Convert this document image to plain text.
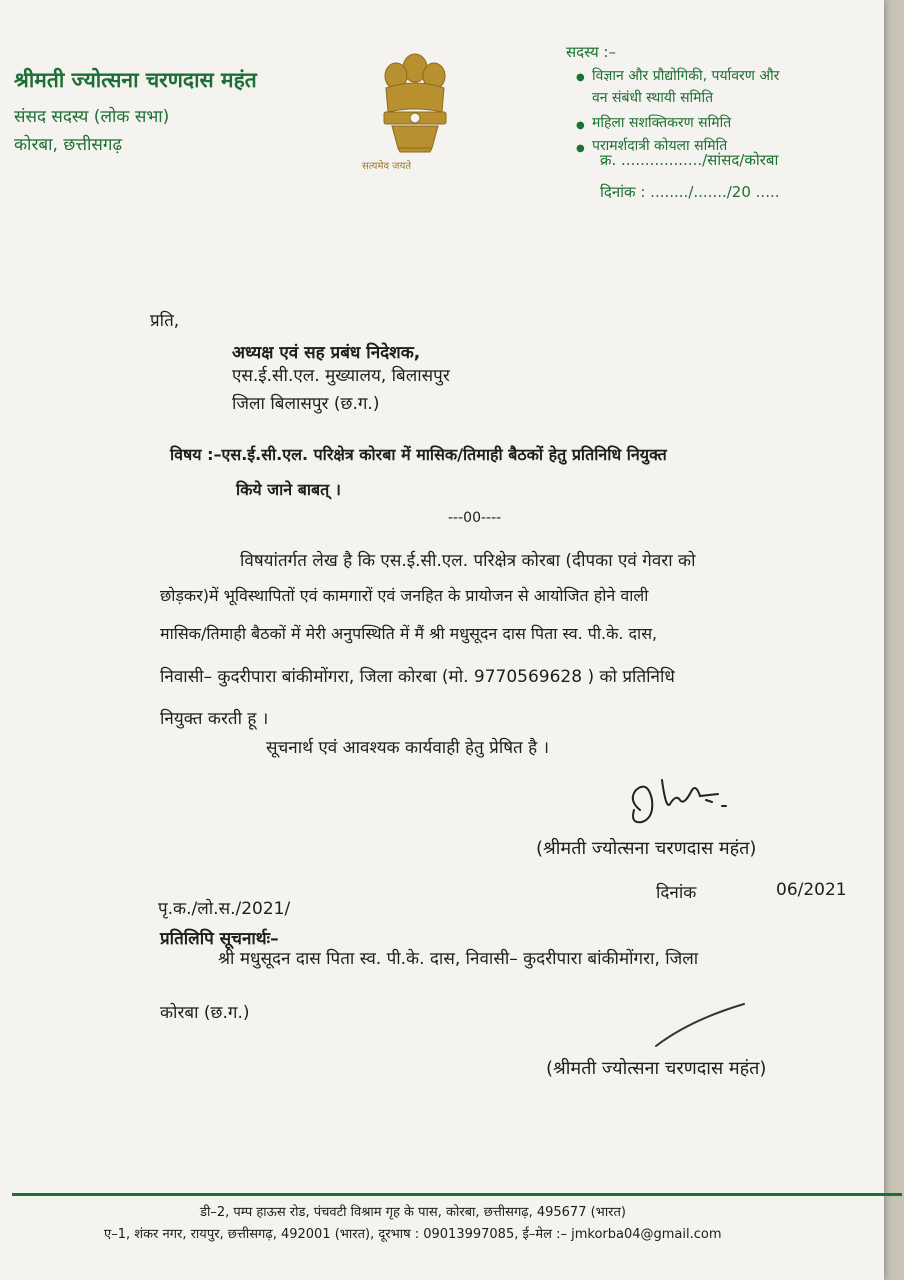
श्रीमती ज्योत्सना चरणदास महंत

संसद सदस्य (लोक सभा)

कोरबा, छत्तीसगढ़

सत्यमेव जयते

सदस्य :–

● विज्ञान और प्रौद्योगिकी, पर्यावरण और

वन संबंधी स्थायी समिति

● महिला सशक्तिकरण समिति

● परामर्शदात्री कोयला समिति

क्र. ................./सांसद/कोरबा

दिनांक : ......../......./20 .....

प्रति,

अध्यक्ष एवं सह प्रबंध निदेशक,

एस.ई.सी.एल. मुख्यालय, बिलासपुर

जिला बिलासपुर (छ.ग.)

विषय :–एस.ई.सी.एल. परिक्षेत्र कोरबा में मासिक/तिमाही बैठकों हेतु प्रतिनिधि नियुक्त

किये जाने बाबत् ।

---00----

विषयांतर्गत लेख है कि एस.ई.सी.एल. परिक्षेत्र कोरबा (दीपका एवं गेवरा को

छोड़कर)में भूविस्थापितों एवं कामगारों एवं जनहित के प्रायोजन से आयोजित होने वाली

मासिक/तिमाही बैठकों में मेरी अनुपस्थिति में मैं श्री मधुसूदन दास पिता स्व. पी.के. दास,

निवासी– कुदरीपारा बांकीमोंगरा, जिला कोरबा (मो. 9770569628 ) को प्रतिनिधि

नियुक्त करती हू ।

सूचनार्थ एवं आवश्यक कार्यवाही हेतु प्रेषित है ।

(श्रीमती ज्योत्सना चरणदास महंत)

दिनांक	06/2021

पृ.क./लो.स./2021/

प्रतिलिपि सूचनार्थः–

श्री मधुसूदन दास पिता स्व. पी.के. दास, निवासी– कुदरीपारा बांकीमोंगरा, जिला

कोरबा (छ.ग.)

(श्रीमती ज्योत्सना चरणदास महंत)

डी–2, पम्प हाऊस रोड, पंचवटी विश्राम गृह के पास, कोरबा, छत्तीसगढ़, 495677 (भारत)

ए–1, शंकर नगर, रायपुर, छत्तीसगढ़, 492001 (भारत), दूरभाष : 09013997085, ई–मेल :– jmkorba04@gmail.com
